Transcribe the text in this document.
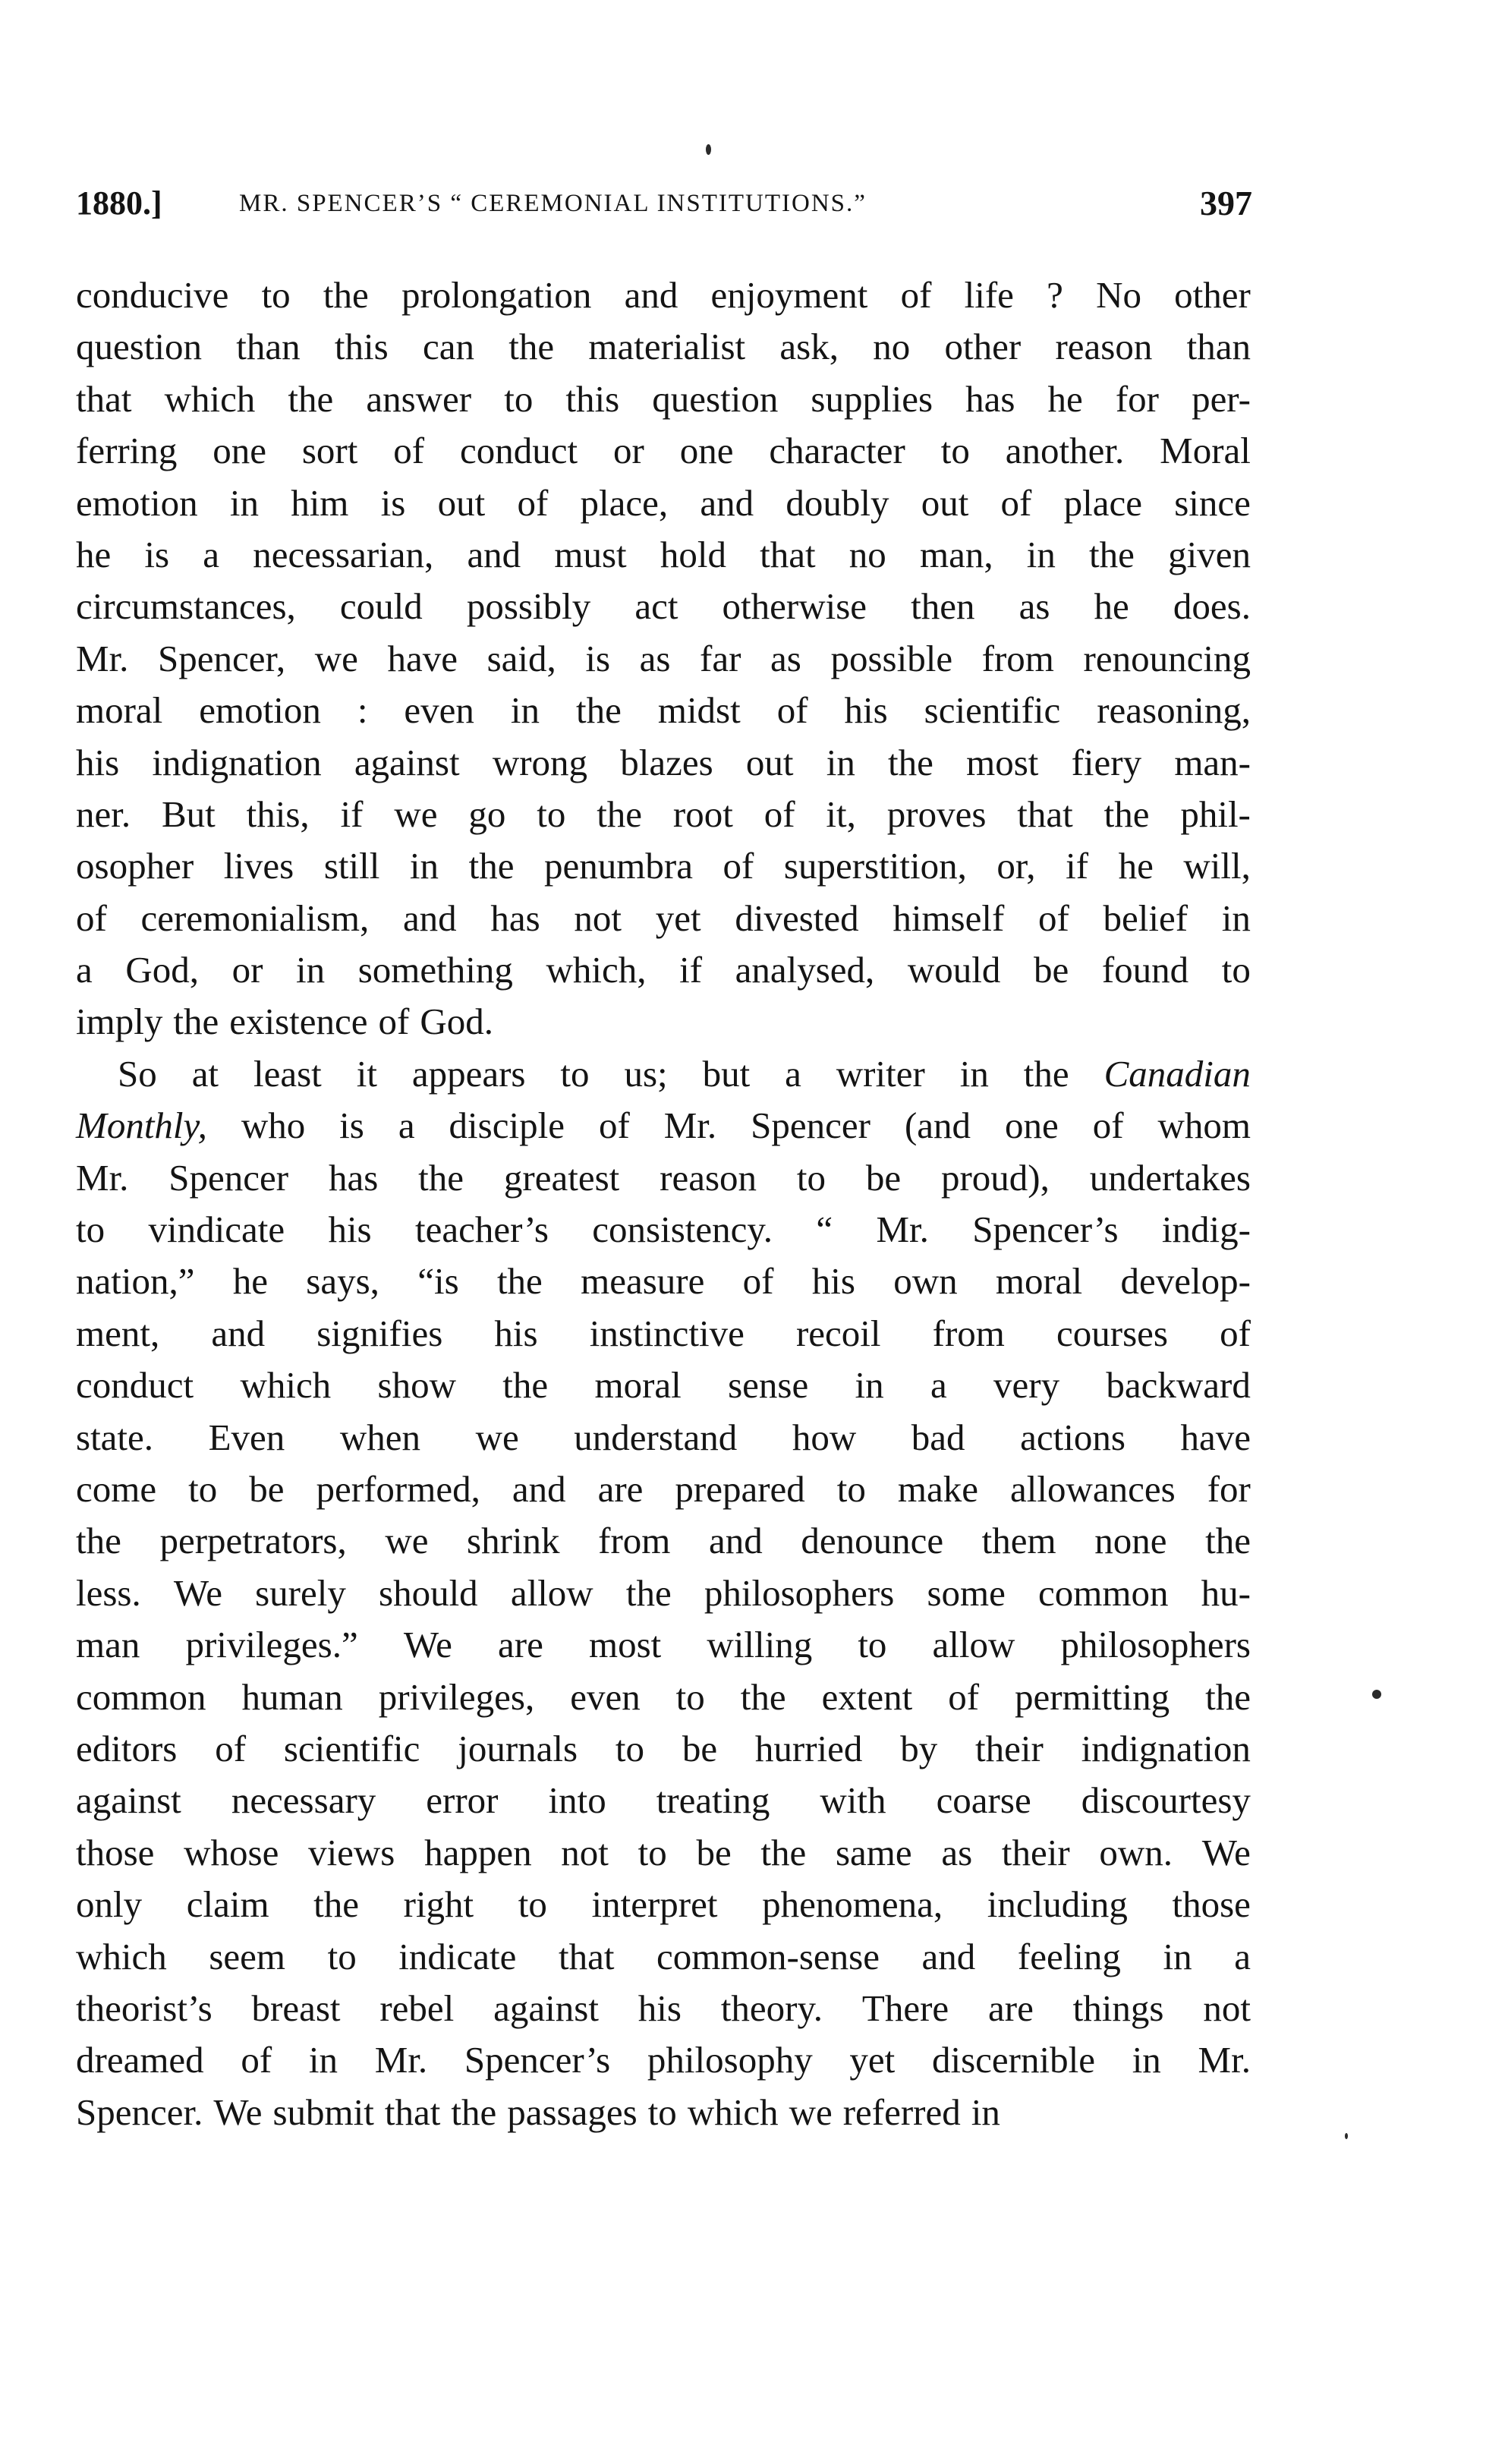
1880.]	MR. SPENCER’S “ CEREMONIAL INSTITUTIONS.”	397
conducive to the prolongation and enjoyment of life ? No other
question than this can the materialist ask, no other reason than
that which the answer to this question supplies has he for per-
ferring one sort of conduct or one character to another. Moral
emotion in him is out of place, and doubly out of place since
he is a necessarian, and must hold that no man, in the given
circumstances, could possibly act otherwise then as he does.
Mr. Spencer, we have said, is as far as possible from renouncing
moral emotion : even in the midst of his scientific reasoning,
his indignation against wrong blazes out in the most fiery man-
ner. But this, if we go to the root of it, proves that the phil-
osopher lives still in the penumbra of superstition, or, if he will,
of ceremonialism, and has not yet divested himself of belief in
a God, or in something which, if analysed, would be found to
imply the existence of God.
So at least it appears to us; but a writer in the Canadian
Monthly, who is a disciple of Mr. Spencer (and one of whom
Mr. Spencer has the greatest reason to be proud), undertakes
to vindicate his teacher’s consistency. “ Mr. Spencer’s indig-
nation,” he says, “is the measure of his own moral develop-
ment, and signifies his instinctive recoil from courses of
conduct which show the moral sense in a very backward
state. Even when we understand how bad actions have
come to be performed, and are prepared to make allowances for
the perpetrators, we shrink from and denounce them none the
less. We surely should allow the philosophers some common hu-
man privileges.” We are most willing to allow philosophers
common human privileges, even to the extent of permitting the
editors of scientific journals to be hurried by their indignation
against necessary error into treating with coarse discourtesy
those whose views happen not to be the same as their own. We
only claim the right to interpret phenomena, including those
which seem to indicate that common-sense and feeling in a
theorist’s breast rebel against his theory. There are things not
dreamed of in Mr. Spencer’s philosophy yet discernible in Mr.
Spencer. We submit that the passages to which we referred in
